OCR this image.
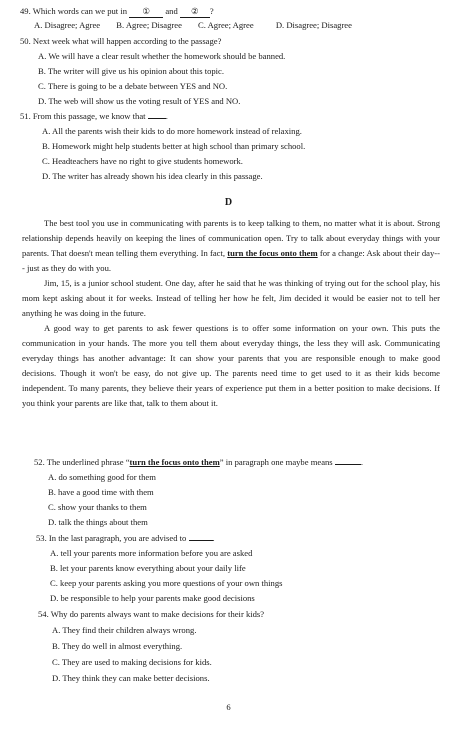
49. Which words can we put in ① and ② ?
A. Disagree; Agree B. Agree; Disagree C. Agree; Agree	D. Disagree; Disagree
50. Next week what will happen according to the passage?
A. We will have a clear result whether the homework should be banned.
B. The writer will give us his opinion about this topic.
C. There is going to be a debate between YES and NO.
D. The web will show us the voting result of YES and NO.
51. From this passage, we know that .
A. All the parents wish their kids to do more homework instead of relaxing.
B. Homework might help students better at high school than primary school.
C. Headteachers have no right to give students homework.
D. The writer has already shown his idea clearly in this passage.
D
The best tool you use in communicating with parents is to keep talking to them, no matter what it is about. Strong relationship depends heavily on keeping the lines of communication open. Try to talk about everyday things with your parents. That doesn't mean telling them everything. In fact, turn the focus onto them for a change: Ask about their day--- just as they do with you.
Jim, 15, is a junior school student. One day, after he said that he was thinking of trying out for the school play, his mom kept asking about it for weeks. Instead of telling her how he felt, Jim decided it would be easier not to tell her anything he was doing in the future.
A good way to get parents to ask fewer questions is to offer some information on your own. This puts the communication in your hands. The more you tell them about everyday things, the less they will ask. Communicating everyday things has another advantage: It can show your parents that you are responsible enough to make good decisions. Though it won't be easy, do not give up. The parents need time to get used to it as their kids become independent. To many parents, they believe their years of experience put them in a better position to make decisions. If you think your parents are like that, talk to them about it.
52. The underlined phrase “turn the focus onto them” in paragraph one maybe means	.
A. do something good for them
B. have a good time with them
C. show your thanks to them
D. talk the things about them
53. In the last paragraph, you are advised to	.
A. tell your parents more information before you are asked
B. let your parents know everything about your daily life
C. keep your parents asking you more questions of your own things
D. be responsible to help your parents make good decisions
54. Why do parents always want to make decisions for their kids?
A. They find their children always wrong.
B. They do well in almost everything.
C. They are used to making decisions for kids.
D. They think they can make better decisions.
6
